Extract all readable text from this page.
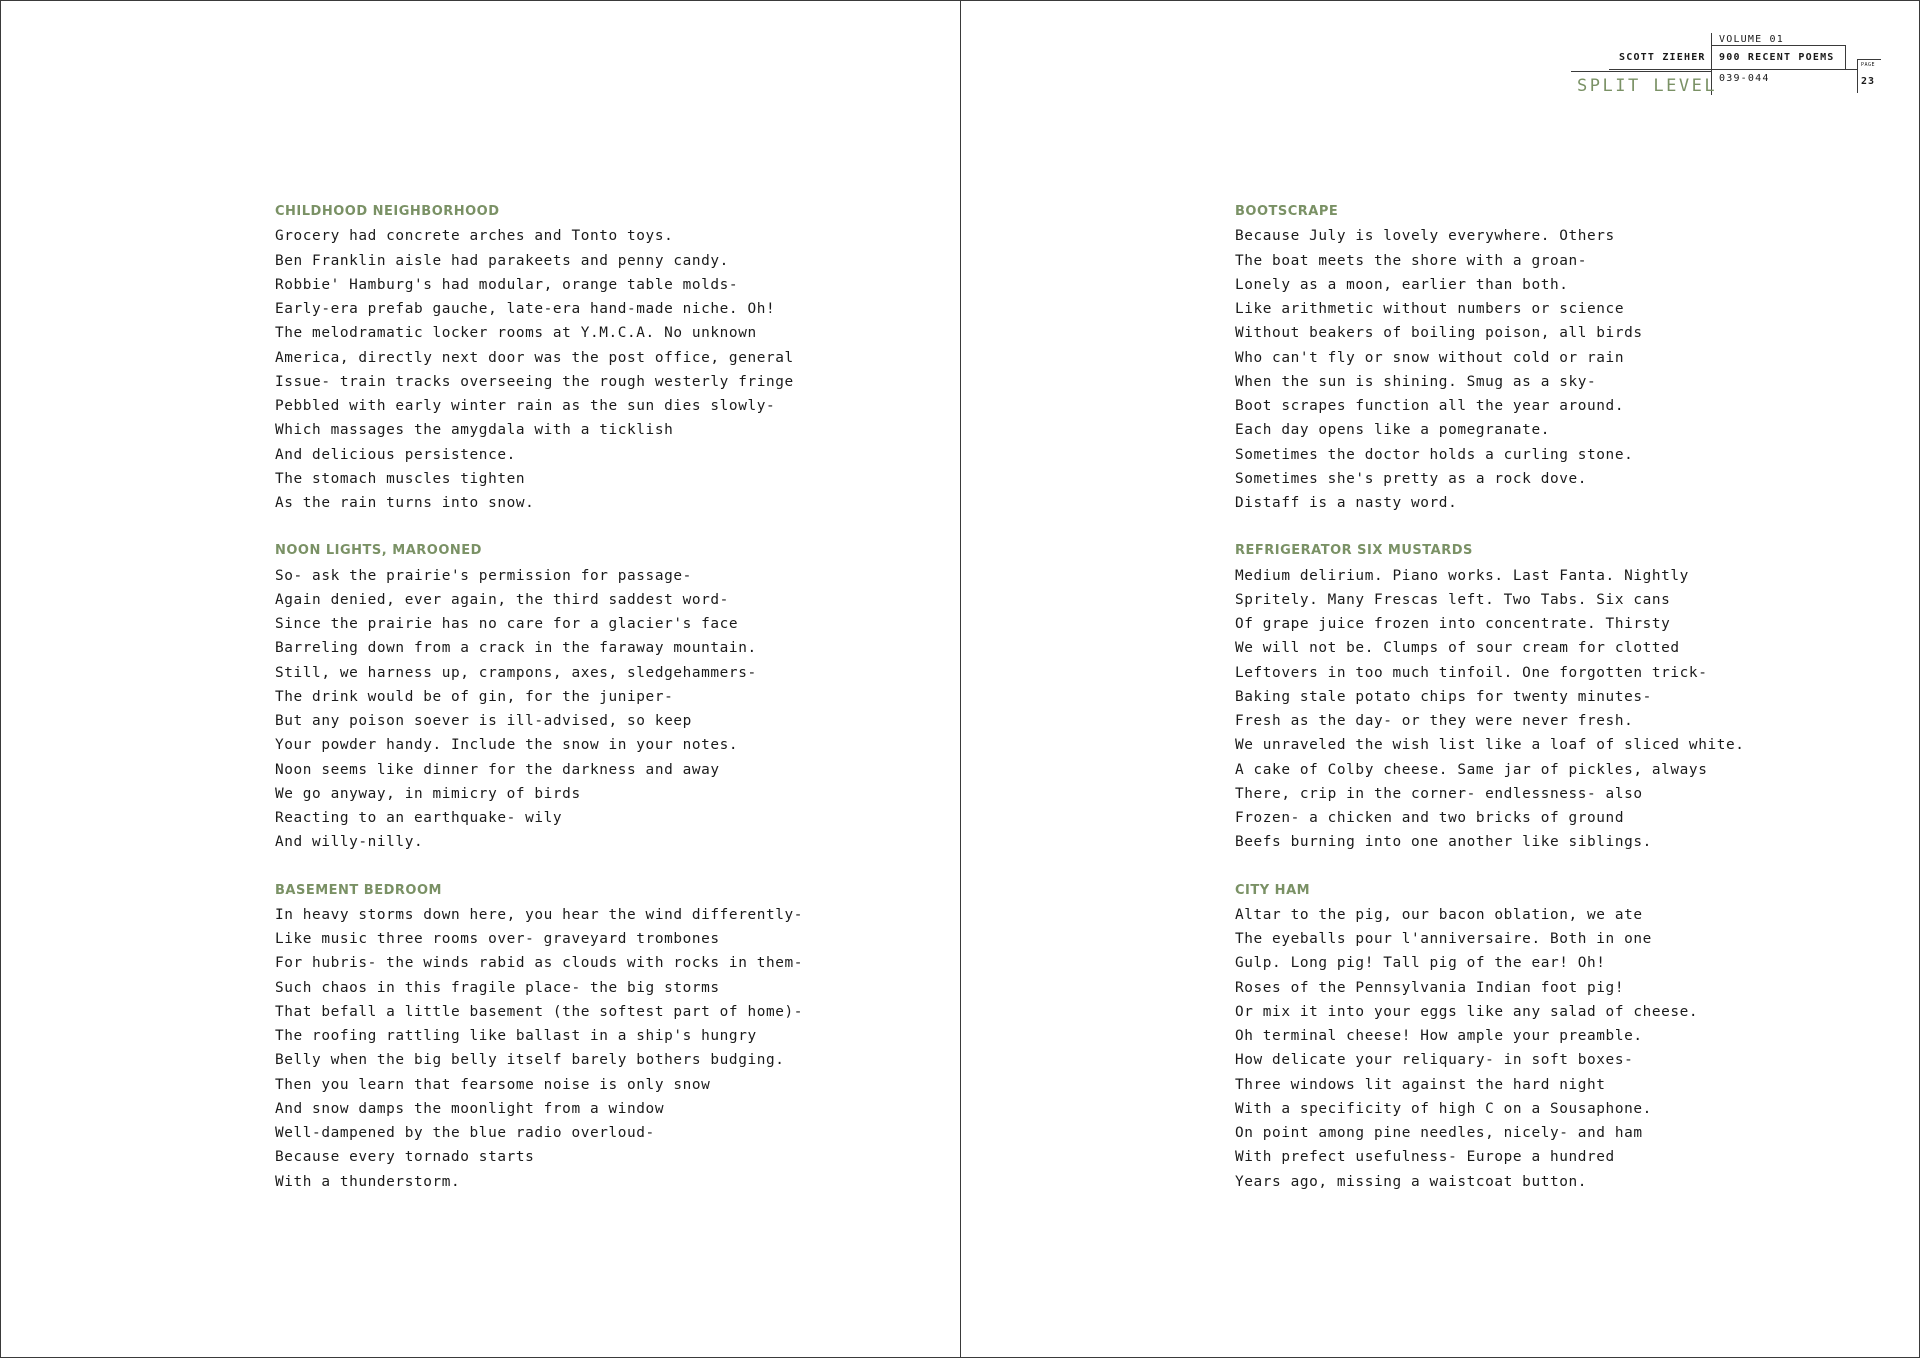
SPLIT LEVEL
SCOTT ZIEHER
VOLUME 01
900 RECENT POEMS
039-044
PAGE
23
CHILDHOOD NEIGHBORHOOD
Grocery had concrete arches and Tonto toys.
Ben Franklin aisle had parakeets and penny candy.
Robbie' Hamburg's had modular, orange table molds-
Early-era prefab gauche, late-era hand-made niche. Oh!
The melodramatic locker rooms at Y.M.C.A. No unknown
America, directly next door was the post office, general
Issue- train tracks overseeing the rough westerly fringe
Pebbled with early winter rain as the sun dies slowly-
Which massages the amygdala with a ticklish
And delicious persistence.
The stomach muscles tighten
As the rain turns into snow.
NOON LIGHTS, MAROONED
So- ask the prairie's permission for passage-
Again denied, ever again, the third saddest word-
Since the prairie has no care for a glacier's face
Barreling down from a crack in the faraway mountain.
Still, we harness up, crampons, axes, sledgehammers-
The drink would be of gin, for the juniper-
But any poison soever is ill-advised, so keep
Your powder handy. Include the snow in your notes.
Noon seems like dinner for the darkness and away
We go anyway, in mimicry of birds
Reacting to an earthquake- wily
And willy-nilly.
BASEMENT BEDROOM
In heavy storms down here, you hear the wind differently-
Like music three rooms over- graveyard trombones
For hubris- the winds rabid as clouds with rocks in them-
Such chaos in this fragile place- the big storms
That befall a little basement (the softest part of home)-
The roofing rattling like ballast in a ship's hungry
Belly when the big belly itself barely bothers budging.
Then you learn that fearsome noise is only snow
And snow damps the moonlight from a window
Well-dampened by the blue radio overloud-
Because every tornado starts
With a thunderstorm.
BOOTSCRAPE
Because July is lovely everywhere. Others
The boat meets the shore with a groan-
Lonely as a moon, earlier than both.
Like arithmetic without numbers or science
Without beakers of boiling poison, all birds
Who can't fly or snow without cold or rain
When the sun is shining. Smug as a sky-
Boot scrapes function all the year around.
Each day opens like a pomegranate.
Sometimes the doctor holds a curling stone.
Sometimes she's pretty as a rock dove.
Distaff is a nasty word.
REFRIGERATOR SIX MUSTARDS
Medium delirium. Piano works. Last Fanta. Nightly
Spritely. Many Frescas left. Two Tabs. Six cans
Of grape juice frozen into concentrate. Thirsty
We will not be. Clumps of sour cream for clotted
Leftovers in too much tinfoil. One forgotten trick-
Baking stale potato chips for twenty minutes-
Fresh as the day- or they were never fresh.
We unraveled the wish list like a loaf of sliced white.
A cake of Colby cheese. Same jar of pickles, always
There, crip in the corner- endlessness- also
Frozen- a chicken and two bricks of ground
Beefs burning into one another like siblings.
CITY HAM
Altar to the pig, our bacon oblation, we ate
The eyeballs pour l'anniversaire. Both in one
Gulp. Long pig! Tall pig of the ear! Oh!
Roses of the Pennsylvania Indian foot pig!
Or mix it into your eggs like any salad of cheese.
Oh terminal cheese! How ample your preamble.
How delicate your reliquary- in soft boxes-
Three windows lit against the hard night
With a specificity of high C on a Sousaphone.
On point among pine needles, nicely- and ham
With prefect usefulness- Europe a hundred
Years ago, missing a waistcoat button.
